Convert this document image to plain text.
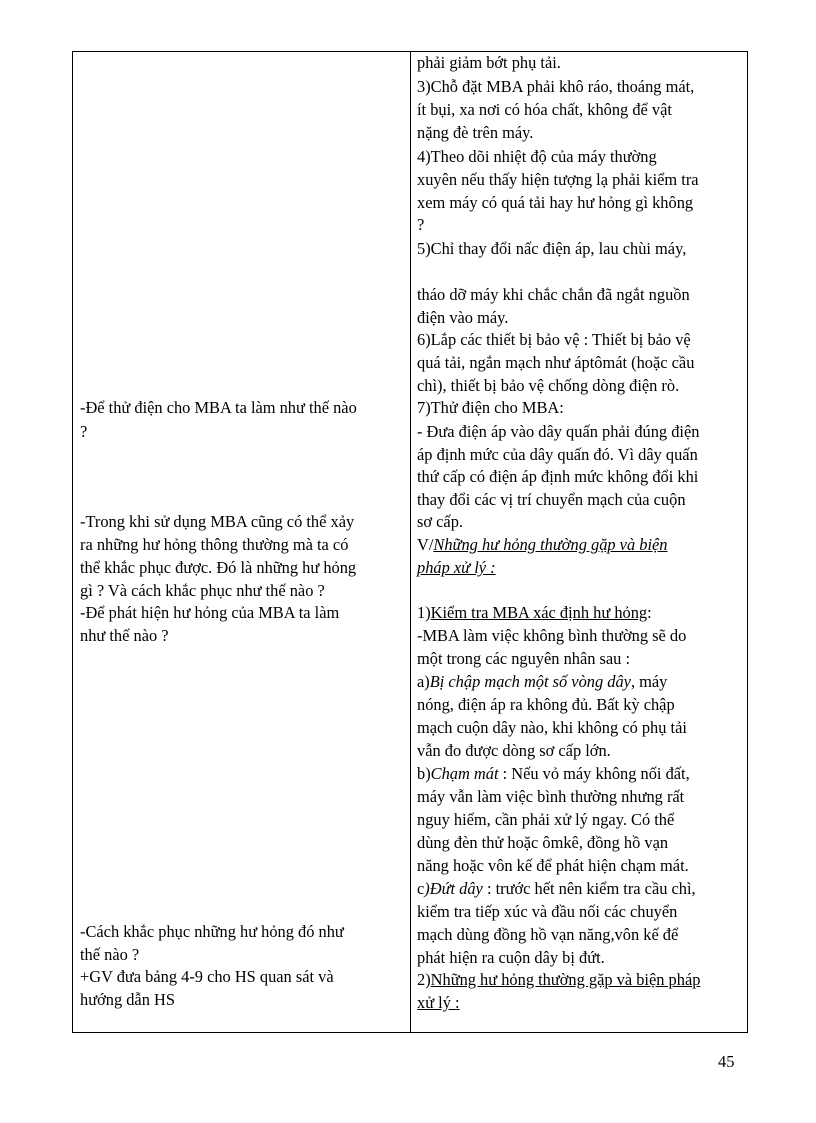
-Để thử điện cho MBA ta làm như thế nào
?
-Trong khi sử dụng MBA cũng có thể xảy
ra những hư hỏng thông thường mà ta có
thể khắc phục được. Đó là những hư hỏng
gì ? Và cách khắc phục như thế nào ?
-Để phát hiện hư hỏng của MBA ta làm
như thế nào ?
-Cách khắc phục những hư hỏng đó như
thế nào ?
+GV đưa bảng 4-9 cho HS quan sát và
hướng dẫn HS
phải giảm bớt phụ tải.
3)Chỗ đặt MBA phải khô ráo, thoáng mát,
ít bụi, xa nơi có hóa chất, không để vật
nặng đè trên máy.
4)Theo dõi nhiệt độ của máy thường
xuyên nếu thấy hiện tượng lạ phải kiểm tra
xem máy có quá tải hay hư hỏng gì không
?
5)Chỉ thay đổi nấc điện áp, lau chùi máy,
tháo dỡ máy khi chắc chắn đã ngắt nguồn
điện vào máy.
6)Lắp các thiết bị bảo vệ : Thiết bị bảo vệ
quá tải, ngắn mạch như áptômát (hoặc cầu
chì), thiết bị bảo vệ chống dòng điện rò.
7)Thử điện cho MBA:
- Đưa điện áp vào dây quấn phải đúng điện
áp định mức của dây quấn đó. Vì dây quấn
thứ cấp có điện áp định mức không đổi khi
thay đổi các vị trí chuyển mạch của cuộn
sơ cấp.
V/Những hư hỏng thường gặp và biện
pháp xử lý :
1)Kiểm tra MBA xác định hư hỏng:
-MBA làm việc không bình thường sẽ do
một trong các nguyên nhân sau :
a)Bị chập mạch một số vòng dây, máy
nóng, điện áp ra không đủ. Bất kỳ chập
mạch cuộn dây nào, khi không có phụ tải
vẫn đo được dòng sơ cấp lớn.
b)Chạm mát : Nếu vỏ máy không nối đất,
máy vẫn làm việc bình thường nhưng rất
nguy hiểm, cần phải xử lý ngay. Có thể
dùng đèn thử hoặc ômkê, đồng hồ vạn
năng hoặc vôn kế để phát hiện chạm mát.
c)Đứt dây : trước hết nên kiểm tra cầu chì,
kiểm tra tiếp xúc và đầu nối các chuyển
mạch dùng đồng hồ vạn năng,vôn kế để
phát hiện ra cuộn dây bị đứt.
2)Những hư hỏng thường gặp và biện pháp
xử lý :
45
